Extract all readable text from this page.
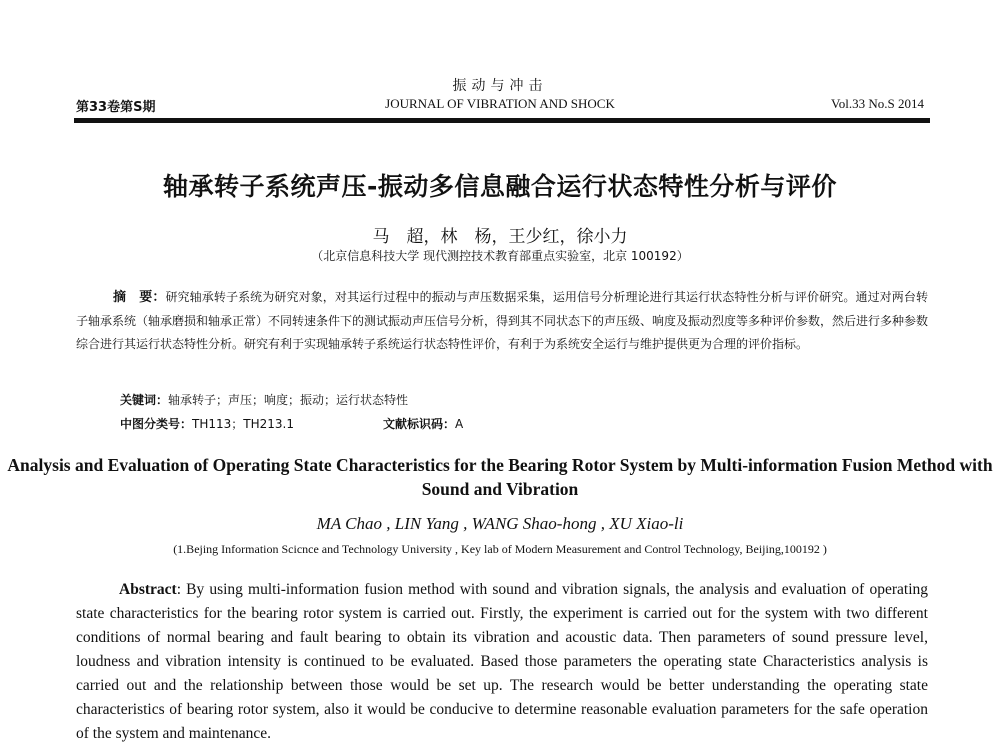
振动与冲击
第33卷第S期	JOURNAL OF VIBRATION AND SHOCK	Vol.33 No.S 2014
轴承转子系统声压-振动多信息融合运行状态特性分析与评价
马　超，林　杨，王少红，徐小力
（北京信息科技大学 现代测控技术教育部重点实验室，北京 100192）
摘　要：研究轴承转子系统为研究对象，对其运行过程中的振动与声压数据采集，运用信号分析理论进行其运行状态特性分析与评价研究。通过对两台转子轴承系统（轴承磨损和轴承正常）不同转速条件下的测试振动声压信号分析，得到其不同状态下的声压级、响度及振动烈度等多种评价参数，然后进行多种参数综合进行其运行状态特性分析。研究有利于实现轴承转子系统运行状态特性评价，有利于为系统安全运行与维护提供更为合理的评价指标。
关键词：轴承转子；声压；响度；振动；运行状态特性
中图分类号：TH113；TH213.1	文献标识码：A
Analysis and Evaluation of Operating State Characteristics for the Bearing Rotor System by Multi-information Fusion Method with Sound and Vibration
MA Chao , LIN Yang , WANG Shao-hong , XU Xiao-li
(1.Bejing Information Scicnce and Technology University , Key lab of Modern Measurement and Control Technology, Beijing,100192 )
Abstract: By using multi-information fusion method with sound and vibration signals, the analysis and evaluation of operating state characteristics for the bearing rotor system is carried out. Firstly, the experiment is carried out for the system with two different conditions of normal bearing and fault bearing to obtain its vibration and acoustic data. Then parameters of sound pressure level, loudness and vibration intensity is continued to be evaluated. Based those parameters the operating state Characteristics analysis is carried out and the relationship between those would be set up. The research would be better understanding the operating state characteristics of bearing rotor system, also it would be conducive to determine reasonable evaluation parameters for the safe operation of the system and maintenance.
